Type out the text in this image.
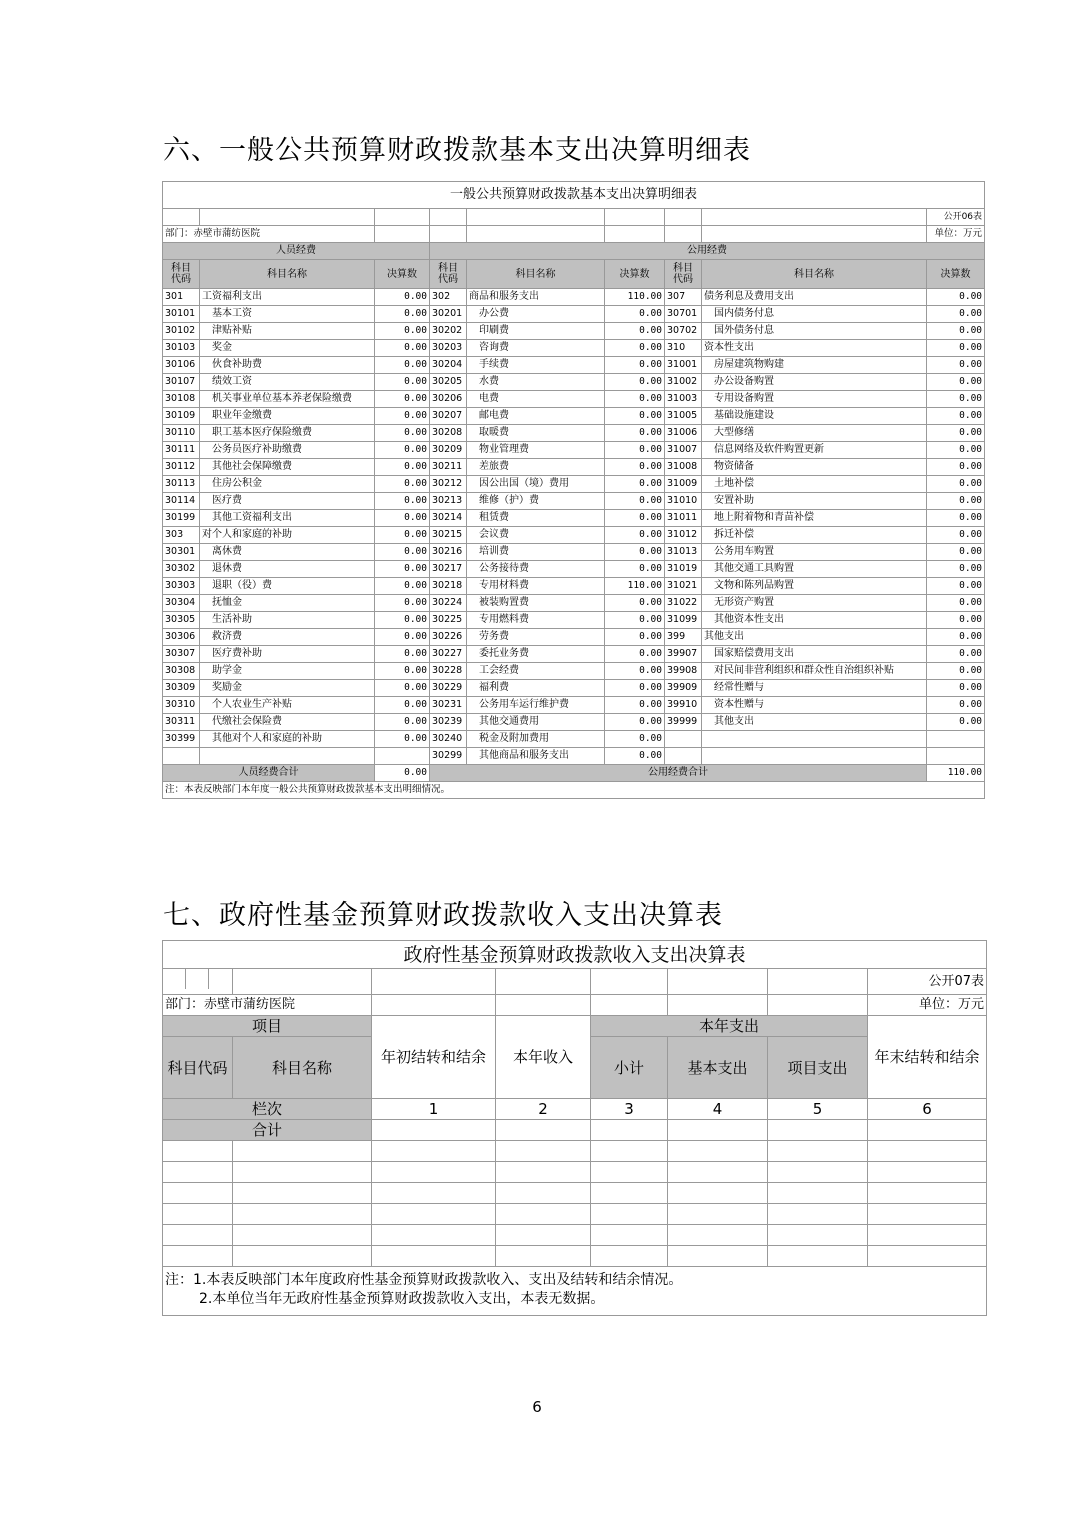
六、一般公共预算财政拨款基本支出决算明细表
一般公共预算财政拨款基本支出决算明细表								
								公开06表
部门：赤壁市蒲纺医院								单位：万元
人员经费			公用经费					
科目
代码	科目名称	决算数	科目
代码	科目名称	决算数	科目
代码	科目名称	决算数
301	工资福利支出	0.00	302	商品和服务支出	110.00	307	债务利息及费用支出	0.00
30101	基本工资	0.00	30201	办公费	0.00	30701	国内债务付息	0.00
30102	津贴补贴	0.00	30202	印刷费	0.00	30702	国外债务付息	0.00
30103	奖金	0.00	30203	咨询费	0.00	310	资本性支出	0.00
30106	伙食补助费	0.00	30204	手续费	0.00	31001	房屋建筑物购建	0.00
30107	绩效工资	0.00	30205	水费	0.00	31002	办公设备购置	0.00
30108	机关事业单位基本养老保险缴费	0.00	30206	电费	0.00	31003	专用设备购置	0.00
30109	职业年金缴费	0.00	30207	邮电费	0.00	31005	基础设施建设	0.00
30110	职工基本医疗保险缴费	0.00	30208	取暖费	0.00	31006	大型修缮	0.00
30111	公务员医疗补助缴费	0.00	30209	物业管理费	0.00	31007	信息网络及软件购置更新	0.00
30112	其他社会保障缴费	0.00	30211	差旅费	0.00	31008	物资储备	0.00
30113	住房公积金	0.00	30212	因公出国（境）费用	0.00	31009	土地补偿	0.00
30114	医疗费	0.00	30213	维修（护）费	0.00	31010	安置补助	0.00
30199	其他工资福利支出	0.00	30214	租赁费	0.00	31011	地上附着物和青苗补偿	0.00
303	对个人和家庭的补助	0.00	30215	会议费	0.00	31012	拆迁补偿	0.00
30301	离休费	0.00	30216	培训费	0.00	31013	公务用车购置	0.00
30302	退休费	0.00	30217	公务接待费	0.00	31019	其他交通工具购置	0.00
30303	退职（役）费	0.00	30218	专用材料费	110.00	31021	文物和陈列品购置	0.00
30304	抚恤金	0.00	30224	被装购置费	0.00	31022	无形资产购置	0.00
30305	生活补助	0.00	30225	专用燃料费	0.00	31099	其他资本性支出	0.00
30306	救济费	0.00	30226	劳务费	0.00	399	其他支出	0.00
30307	医疗费补助	0.00	30227	委托业务费	0.00	39907	国家赔偿费用支出	0.00
30308	助学金	0.00	30228	工会经费	0.00	39908	对民间非营利组织和群众性自治组织补贴	0.00
30309	奖励金	0.00	30229	福利费	0.00	39909	经常性赠与	0.00
30310	个人农业生产补贴	0.00	30231	公务用车运行维护费	0.00	39910	资本性赠与	0.00
30311	代缴社会保险费	0.00	30239	其他交通费用	0.00	39999	其他支出	0.00
30399	其他对个人和家庭的补助	0.00	30240	税金及附加费用	0.00			
			30299	其他商品和服务支出	0.00			
人员经费合计		0.00	公用经费合计					110.00
注：本表反映部门本年度一般公共预算财政拨款基本支出明细情况。								
七、政府性基金预算财政拨款收入支出决算表
政府性基金预算财政拨款收入支出决算表							
							公开07表
部门：赤壁市蒲纺医院							单位：万元
项目		年初结转和结余	本年收入	本年支出			年末结转和结余
科目代码	科目名称			小计	基本支出	项目支出	
栏次		1	2	3	4	5	6
合计							

注：1.本表反映部门本年度政府性基金预算财政拨款收入、支出及结转和结余情况。
2.本单位当年无政府性基金预算财政拨款收入支出，本表无数据。							
6
